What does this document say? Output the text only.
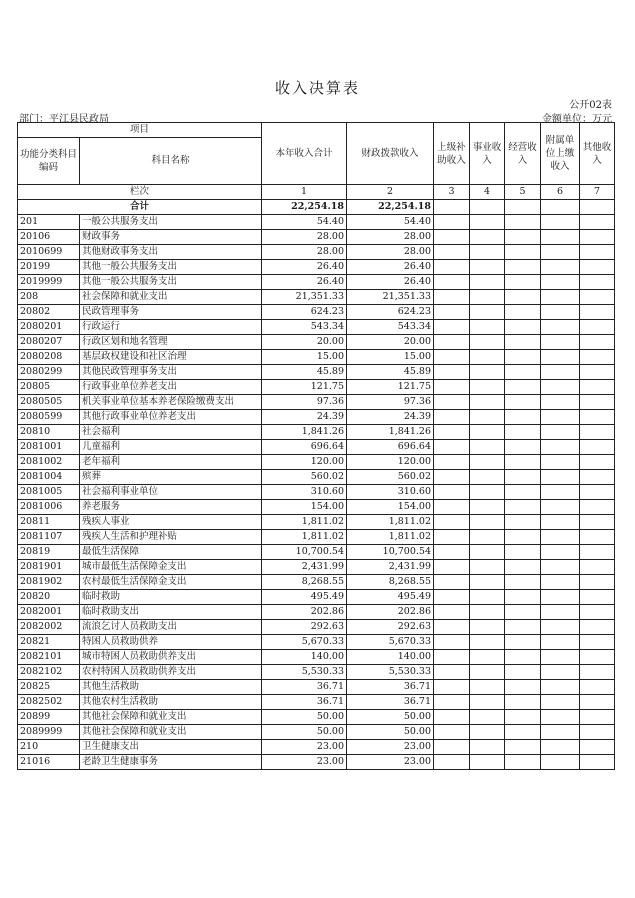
收入决算表
公开02表
部门：平江县民政局	金额单位：万元
项目		本年收入合计	财政拨款收入	上级补助收入	事业收入	经营收入	附属单位上缴收入	其他收入
功能分类科目编码	科目名称							
栏次		1	2	3	4	5	6	7
合计		22,254.18	22,254.18					
201	一般公共服务支出	54.40	54.40					
20106	财政事务	28.00	28.00					
2010699	其他财政事务支出	28.00	28.00					
20199	其他一般公共服务支出	26.40	26.40					
2019999	其他一般公共服务支出	26.40	26.40					
208	社会保障和就业支出	21,351.33	21,351.33					
20802	民政管理事务	624.23	624.23					
2080201	行政运行	543.34	543.34					
2080207	行政区划和地名管理	20.00	20.00					
2080208	基层政权建设和社区治理	15.00	15.00					
2080299	其他民政管理事务支出	45.89	45.89					
20805	行政事业单位养老支出	121.75	121.75					
2080505	机关事业单位基本养老保险缴费支出	97.36	97.36					
2080599	其他行政事业单位养老支出	24.39	24.39					
20810	社会福利	1,841.26	1,841.26					
2081001	儿童福利	696.64	696.64					
2081002	老年福利	120.00	120.00					
2081004	殡葬	560.02	560.02					
2081005	社会福利事业单位	310.60	310.60					
2081006	养老服务	154.00	154.00					
20811	残疾人事业	1,811.02	1,811.02					
2081107	残疾人生活和护理补贴	1,811.02	1,811.02					
20819	最低生活保障	10,700.54	10,700.54					
2081901	城市最低生活保障金支出	2,431.99	2,431.99					
2081902	农村最低生活保障金支出	8,268.55	8,268.55					
20820	临时救助	495.49	495.49					
2082001	临时救助支出	202.86	202.86					
2082002	流浪乞讨人员救助支出	292.63	292.63					
20821	特困人员救助供养	5,670.33	5,670.33					
2082101	城市特困人员救助供养支出	140.00	140.00					
2082102	农村特困人员救助供养支出	5,530.33	5,530.33					
20825	其他生活救助	36.71	36.71					
2082502	其他农村生活救助	36.71	36.71					
20899	其他社会保障和就业支出	50.00	50.00					
2089999	其他社会保障和就业支出	50.00	50.00					
210	卫生健康支出	23.00	23.00					
21016	老龄卫生健康事务	23.00	23.00					
